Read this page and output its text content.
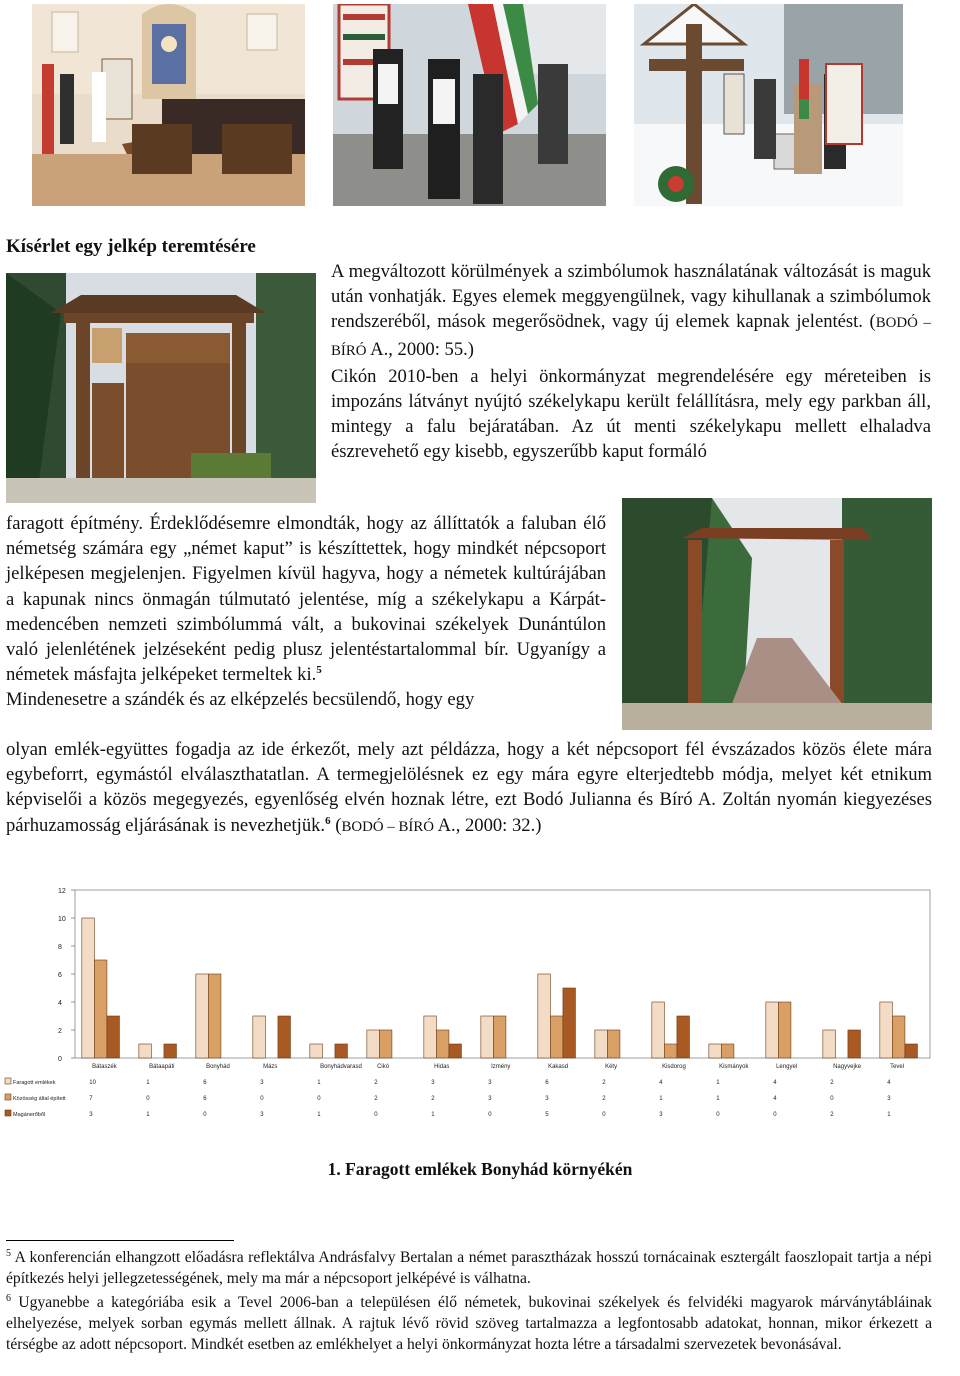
Kísérlet egy jelkép teremtésére

A megváltozott körülmények a szimbólumok használatának változását is maguk után vonhatják. Egyes elemek meggyengülnek, vagy kihullanak a szimbólumok rendszeréből, mások megerősödnek, vagy új elemek kapnak jelentést. (BODÓ – BÍRÓ A., 2000: 55.)

Cikón 2010-ben a helyi önkormányzat megrendelésére egy méreteiben is impozáns látványt nyújtó székelykapu került felállításra, mely egy parkban áll, mintegy a falu bejáratában. Az út menti székelykapu mellett elhaladva észrevehető egy kisebb, egyszerűbb kaput formáló

faragott építmény. Érdeklődésemre elmondták, hogy az állíttatók a faluban élő németség számára egy „német kaput” is készíttettek, hogy mindkét népcsoport jelképesen megjelenjen. Figyelmen kívül hagyva, hogy a németek kultúrájában a kapunak nincs önmagán túlmutató jelentése, míg a székelykapu a Kárpát-medencében nemzeti szimbólummá vált, a bukovinai székelyek Dunántúlon való jelenlétének jelzéseként pedig plusz jelentéstartalommal bír. Ugyanígy a németek másfajta jelképeket termeltek ki.$^5$

Mindenesetre a szándék és az elképzelés becsülendő, hogy egy

olyan emlék-együttes fogadja az ide érkezőt, mely azt példázza, hogy a két népcsoport fél évszázados közös élete mára egybeforrt, egymástól elválaszthatatlan. A termegjelölésnek ez egy mára egyre elterjedtebb módja, melyet két etnikum képviselői a közös megegyezés, egyenlőség elvén hoznak létre, ezt Bodó Julianna és Bíró A. Zoltán nyomán kiegyezéses párhuzamosság eljárásának is nevezhetjük.$^6$ (BODÓ – BÍRÓ A., 2000: 32.)

0
2
4
6
8
10
12
Bátaszék	Bátaapáti	Bonyhád	Mázs	Bonyhádvarasd	Cikó	Hidas	Izmény	Kakasd	Kéty	Kisdorog	Kismányok	Lengyel	Nagyvejke	Tevel
Faragott emlékek	10	1	6	3	1	2	3	3	6	2	4	1	4	2	4
Közösség által épített	7	0	6	0	0	2	2	3	3	2	1	1	4	0	3
Magánerőből	3	1	0	3	1	0	1	0	5	0	3	0	0	2	1
1. Faragott emlékek Bonyhád környékén
$^5$ A konferencián elhangzott előadásra reflektálva Andrásfalvy Bertalan a német parasztházak hosszú tornácainak esztergált faoszlopait tartja a népi építkezés helyi jellegzetességének, mely ma már a népcsoport jelképévé is válhatna.
$^6$ Ugyanebbe a kategóriába esik a Tevel 2006-ban a településen élő németek, bukovinai székelyek és felvidéki magyarok márványtábláinak elhelyezése, melyek sorban egymás mellett állnak. A rajtuk lévő rövid szöveg tartalmazza a legfontosabb adatokat, honnan, mikor érkezett a térségbe az adott népcsoport. Mindkét esetben az emlékhelyet a helyi önkormányzat hozta létre a társadalmi szervezetek bevonásával.
